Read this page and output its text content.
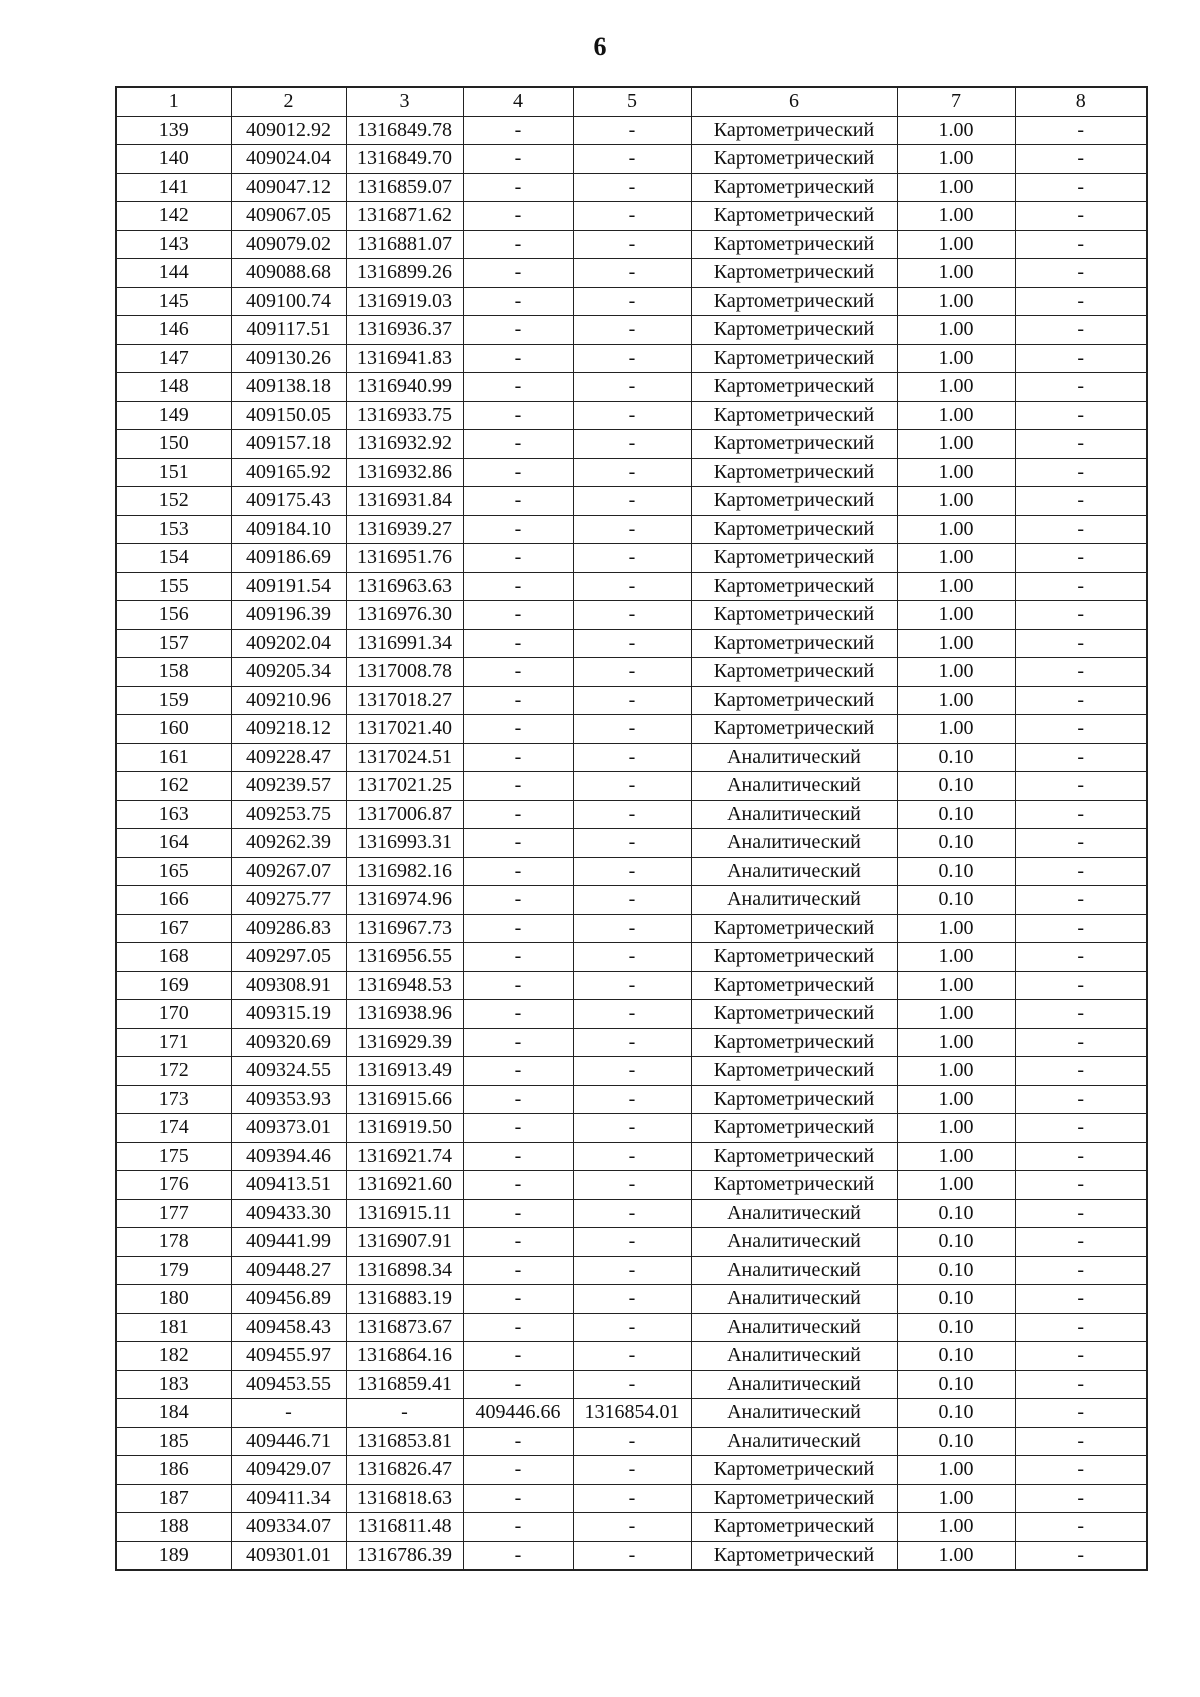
6
1	2	3	4	5	6	7	8
139	409012.92	1316849.78	-	-	Картометрический	1.00	-
140	409024.04	1316849.70	-	-	Картометрический	1.00	-
141	409047.12	1316859.07	-	-	Картометрический	1.00	-
142	409067.05	1316871.62	-	-	Картометрический	1.00	-
143	409079.02	1316881.07	-	-	Картометрический	1.00	-
144	409088.68	1316899.26	-	-	Картометрический	1.00	-
145	409100.74	1316919.03	-	-	Картометрический	1.00	-
146	409117.51	1316936.37	-	-	Картометрический	1.00	-
147	409130.26	1316941.83	-	-	Картометрический	1.00	-
148	409138.18	1316940.99	-	-	Картометрический	1.00	-
149	409150.05	1316933.75	-	-	Картометрический	1.00	-
150	409157.18	1316932.92	-	-	Картометрический	1.00	-
151	409165.92	1316932.86	-	-	Картометрический	1.00	-
152	409175.43	1316931.84	-	-	Картометрический	1.00	-
153	409184.10	1316939.27	-	-	Картометрический	1.00	-
154	409186.69	1316951.76	-	-	Картометрический	1.00	-
155	409191.54	1316963.63	-	-	Картометрический	1.00	-
156	409196.39	1316976.30	-	-	Картометрический	1.00	-
157	409202.04	1316991.34	-	-	Картометрический	1.00	-
158	409205.34	1317008.78	-	-	Картометрический	1.00	-
159	409210.96	1317018.27	-	-	Картометрический	1.00	-
160	409218.12	1317021.40	-	-	Картометрический	1.00	-
161	409228.47	1317024.51	-	-	Аналитический	0.10	-
162	409239.57	1317021.25	-	-	Аналитический	0.10	-
163	409253.75	1317006.87	-	-	Аналитический	0.10	-
164	409262.39	1316993.31	-	-	Аналитический	0.10	-
165	409267.07	1316982.16	-	-	Аналитический	0.10	-
166	409275.77	1316974.96	-	-	Аналитический	0.10	-
167	409286.83	1316967.73	-	-	Картометрический	1.00	-
168	409297.05	1316956.55	-	-	Картометрический	1.00	-
169	409308.91	1316948.53	-	-	Картометрический	1.00	-
170	409315.19	1316938.96	-	-	Картометрический	1.00	-
171	409320.69	1316929.39	-	-	Картометрический	1.00	-
172	409324.55	1316913.49	-	-	Картометрический	1.00	-
173	409353.93	1316915.66	-	-	Картометрический	1.00	-
174	409373.01	1316919.50	-	-	Картометрический	1.00	-
175	409394.46	1316921.74	-	-	Картометрический	1.00	-
176	409413.51	1316921.60	-	-	Картометрический	1.00	-
177	409433.30	1316915.11	-	-	Аналитический	0.10	-
178	409441.99	1316907.91	-	-	Аналитический	0.10	-
179	409448.27	1316898.34	-	-	Аналитический	0.10	-
180	409456.89	1316883.19	-	-	Аналитический	0.10	-
181	409458.43	1316873.67	-	-	Аналитический	0.10	-
182	409455.97	1316864.16	-	-	Аналитический	0.10	-
183	409453.55	1316859.41	-	-	Аналитический	0.10	-
184	-	-	409446.66	1316854.01	Аналитический	0.10	-
185	409446.71	1316853.81	-	-	Аналитический	0.10	-
186	409429.07	1316826.47	-	-	Картометрический	1.00	-
187	409411.34	1316818.63	-	-	Картометрический	1.00	-
188	409334.07	1316811.48	-	-	Картометрический	1.00	-
189	409301.01	1316786.39	-	-	Картометрический	1.00	-
